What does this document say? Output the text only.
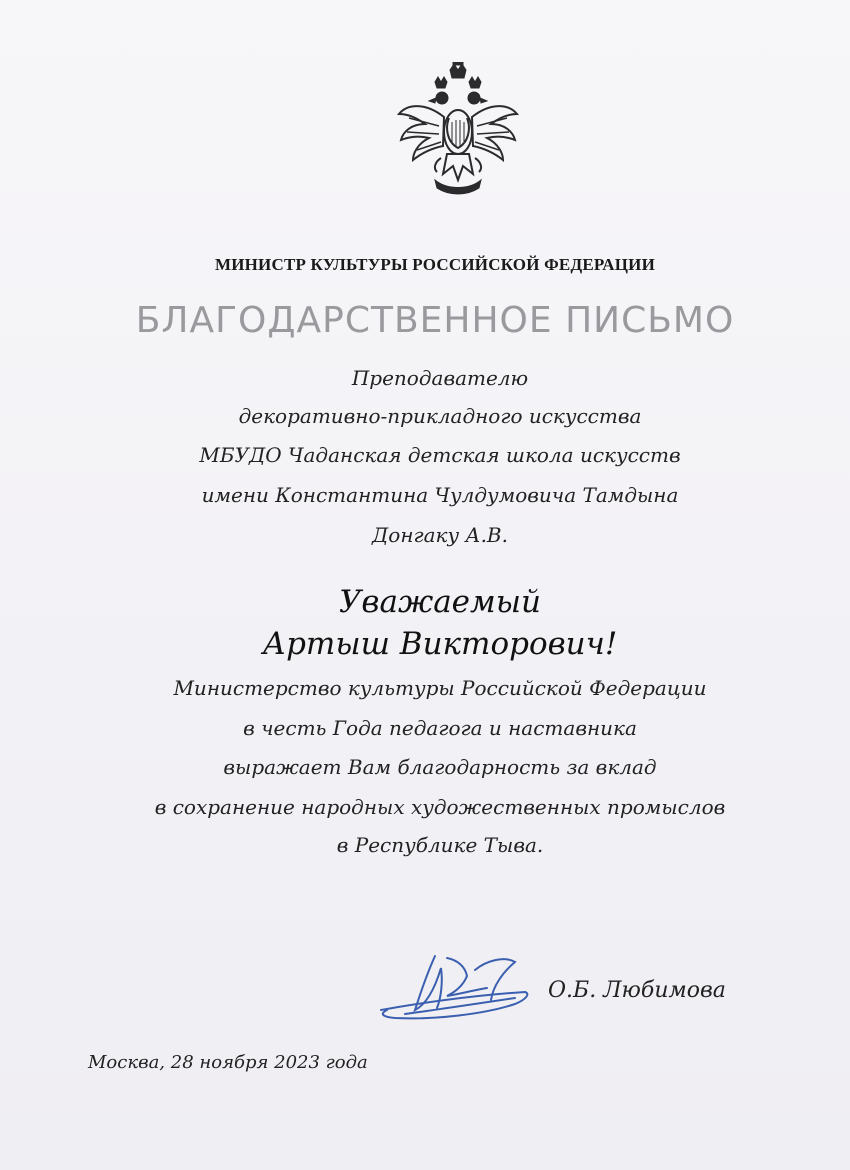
МИНИСТР КУЛЬТУРЫ РОССИЙСКОЙ ФЕДЕРАЦИИ
БЛАГОДАРСТВЕННОЕ ПИСЬМО
Преподавателю
декоративно-прикладного искусства
МБУДО Чаданская детская школа искусств
имени Константина Чулдумовича Тамдына
Донгаку А.В.
Уважаемый
Артыш Викторович!
Министерство культуры Российской Федерации
в честь Года педагога и наставника
выражает Вам благодарность за вклад
в сохранение народных художественных промыслов
в Республике Тыва.
О.Б. Любимова
Москва, 28 ноября 2023 года
